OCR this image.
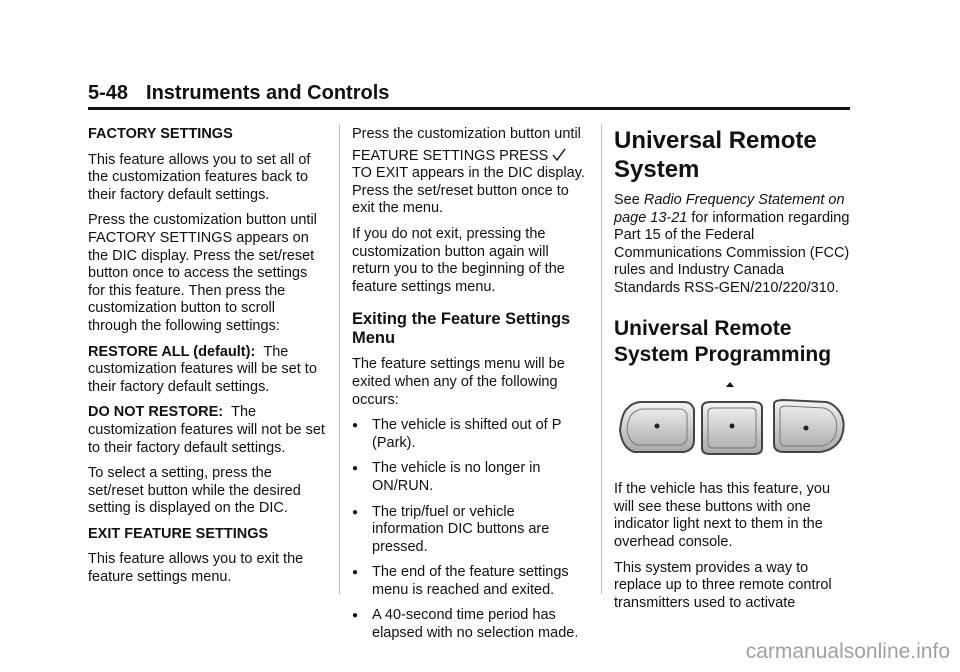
5-48 Instruments and Controls

FACTORY SETTINGS

This feature allows you to set all of the customization features back to their factory default settings.

Press the customization button until FACTORY SETTINGS appears on the DIC display. Press the set/reset button once to access the settings for this feature. Then press the customization button to scroll through the following settings:

RESTORE ALL (default): The customization features will be set to their factory default settings.

DO NOT RESTORE: The customization features will not be set to their factory default settings.

To select a setting, press the set/reset button while the desired setting is displayed on the DIC.

EXIT FEATURE SETTINGS

This feature allows you to exit the feature settings menu.

Press the customization button until

FEATURE SETTINGS PRESS

TO EXIT appears in the DIC display. Press the set/reset button once to exit the menu.

If you do not exit, pressing the customization button again will return you to the beginning of the feature settings menu.

Exiting the Feature Settings Menu

The feature settings menu will be exited when any of the following occurs:

● The vehicle is shifted out of P (Park).
● The vehicle is no longer in ON/RUN.
● The trip/fuel or vehicle information DIC buttons are pressed.
● The end of the feature settings menu is reached and exited.
● A 40-second time period has elapsed with no selection made.
Universal Remote System

See Radio Frequency Statement on page 13-21 for information regarding Part 15 of the Federal Communications Commission (FCC) rules and Industry Canada Standards RSS-GEN/210/220/310.

Universal Remote System Programming

If the vehicle has this feature, you will see these buttons with one indicator light next to them in the overhead console.

This system provides a way to replace up to three remote control transmitters used to activate

carmanualsonline.info
